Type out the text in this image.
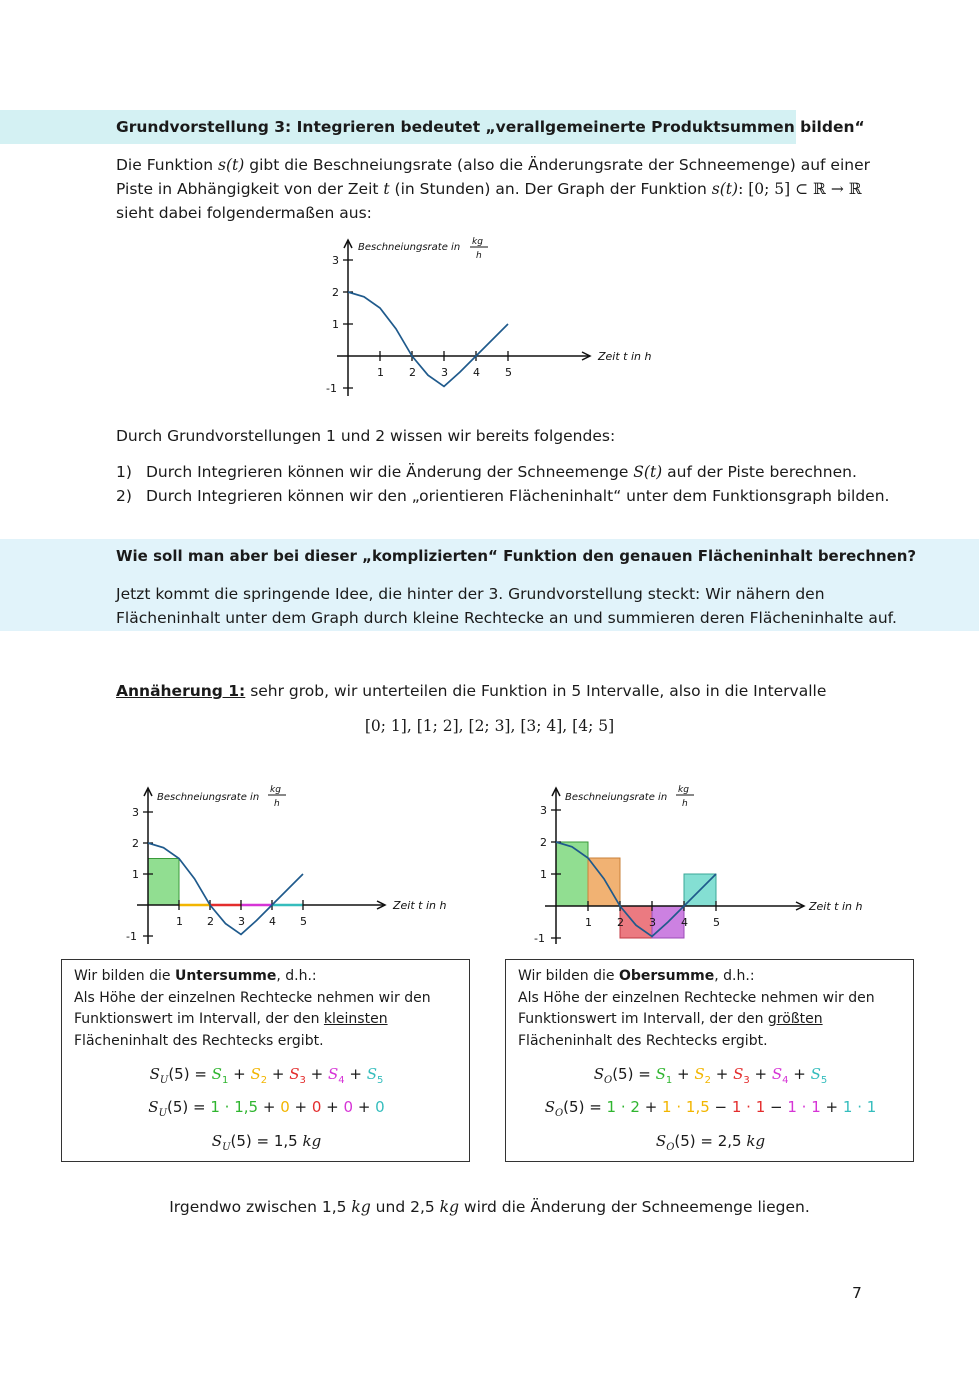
Grundvorstellung 3: Integrieren bedeutet „verallgemeinerte Produktsummen bilden“
Die Funktion s(t) gibt die Beschneiungsrate (also die Änderungsrate der Schneemenge) auf einer
Piste in Abhängigkeit von der Zeit t (in Stunden) an. Der Graph der Funktion s(t): [0; 5] ⊂ ℝ → ℝ
sieht dabei folgendermaßen aus:
1 2 3 4 5
3
2
1
-1
Beschneiungsrate in kg
h
Zeit t in h
Durch Grundvorstellungen 1 und 2 wissen wir bereits folgendes:
1) Durch Integrieren können wir die Änderung der Schneemenge S(t) auf der Piste berechnen.
2) Durch Integrieren können wir den „orientieren Flächeninhalt“ unter dem Funktionsgraph bilden.
Wie soll man aber bei dieser „komplizierten“ Funktion den genauen Flächeninhalt berechnen?
Jetzt kommt die springende Idee, die hinter der 3. Grundvorstellung steckt: Wir nähern den
Flächeninhalt unter dem Graph durch kleine Rechtecke an und summieren deren Flächeninhalte auf.
Annäherung 1: sehr grob, wir unterteilen die Funktion in 5 Intervalle, also in die Intervalle
[0; 1], [1; 2], [2; 3], [3; 4], [4; 5]
1 2 3 4 5
3
2
1
-1
Beschneiungsrate in
kg
h
Zeit t in h
1 2 3 4 5
3
2
1
-1
Beschneiungsrate in
kg
h
Zeit t in h
Wir bilden die Untersumme, d.h.:
Als Höhe der einzelnen Rechtecke nehmen wir den
Funktionswert im Intervall, der den kleinsten
Flächeninhalt des Rechtecks ergibt.
$S_U(5) = S_1 + S_2 + S_3 + S_4 + S_5$
$S_U(5) = 1 \cdot 1,5 + 0 + 0 + 0 + 0$
$S_U(5) = 1,5$ kg
Wir bilden die Obersumme, d.h.:
Als Höhe der einzelnen Rechtecke nehmen wir den
Funktionswert im Intervall, der den größten
Flächeninhalt des Rechtecks ergibt.
$S_O(5) = S_1 + S_2 + S_3 + S_4 + S_5$
$S_O(5) = 1 \cdot 2 + 1 \cdot 1,5 - 1 \cdot 1 - 1 \cdot 1 + 1 \cdot 1$
$S_O(5) = 2,5$ kg
Irgendwo zwischen 1,5 kg und 2,5 kg wird die Änderung der Schneemenge liegen.
7
